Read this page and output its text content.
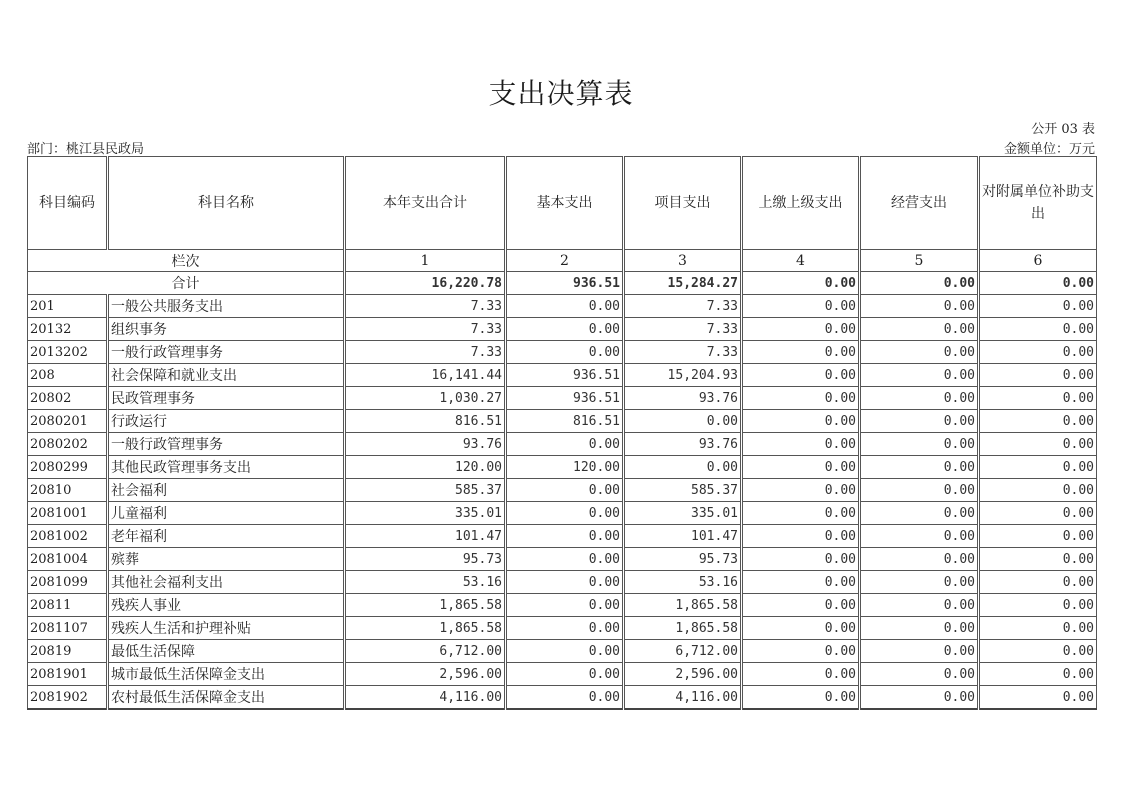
支出决算表
公开 03 表
部门：桃江县民政局	金额单位：万元
科目编码	科目名称	本年支出合计	基本支出	项目支出	上缴上级支出	经营支出	对附属单位补助支出
栏次		1	2	3	4	5	6
合计		16,220.78	936.51	15,284.27	0.00	0.00	0.00
201	一般公共服务支出	7.33	0.00	7.33	0.00	0.00	0.00
20132	组织事务	7.33	0.00	7.33	0.00	0.00	0.00
2013202	一般行政管理事务	7.33	0.00	7.33	0.00	0.00	0.00
208	社会保障和就业支出	16,141.44	936.51	15,204.93	0.00	0.00	0.00
20802	民政管理事务	1,030.27	936.51	93.76	0.00	0.00	0.00
2080201	行政运行	816.51	816.51	0.00	0.00	0.00	0.00
2080202	一般行政管理事务	93.76	0.00	93.76	0.00	0.00	0.00
2080299	其他民政管理事务支出	120.00	120.00	0.00	0.00	0.00	0.00
20810	社会福利	585.37	0.00	585.37	0.00	0.00	0.00
2081001	儿童福利	335.01	0.00	335.01	0.00	0.00	0.00
2081002	老年福利	101.47	0.00	101.47	0.00	0.00	0.00
2081004	殡葬	95.73	0.00	95.73	0.00	0.00	0.00
2081099	其他社会福利支出	53.16	0.00	53.16	0.00	0.00	0.00
20811	残疾人事业	1,865.58	0.00	1,865.58	0.00	0.00	0.00
2081107	残疾人生活和护理补贴	1,865.58	0.00	1,865.58	0.00	0.00	0.00
20819	最低生活保障	6,712.00	0.00	6,712.00	0.00	0.00	0.00
2081901	城市最低生活保障金支出	2,596.00	0.00	2,596.00	0.00	0.00	0.00
2081902	农村最低生活保障金支出	4,116.00	0.00	4,116.00	0.00	0.00	0.00
